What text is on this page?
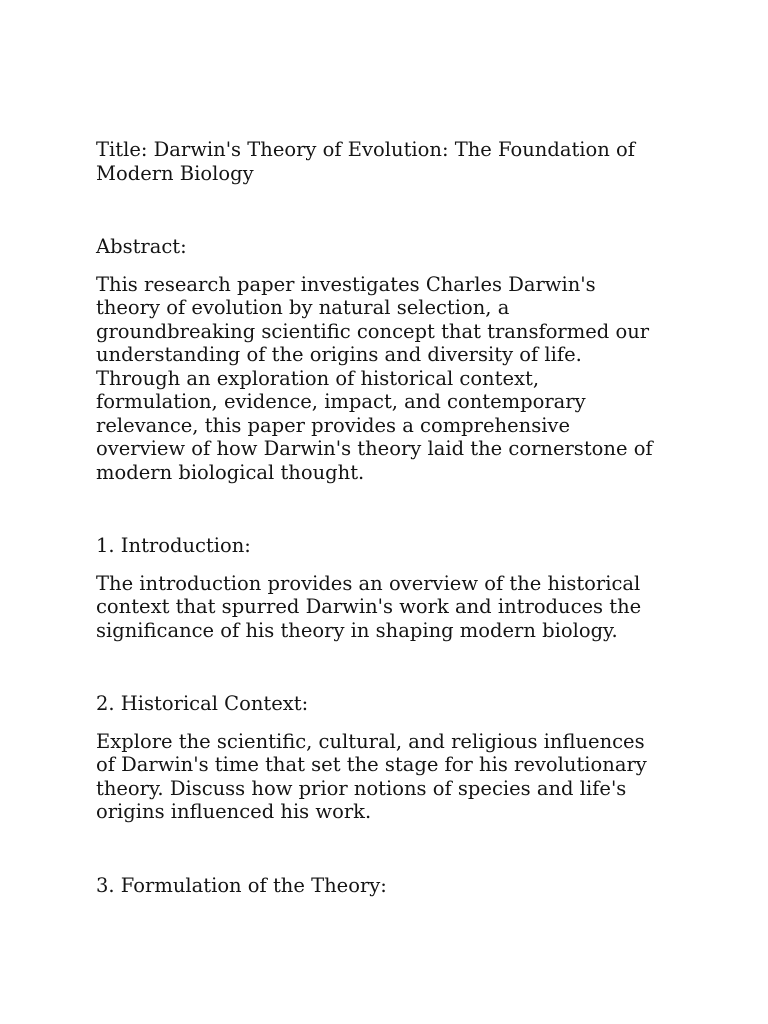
Title: Darwin's Theory of Evolution: The Foundation of Modern Biology
Abstract:

This research paper investigates Charles Darwin's theory of evolution by natural selection, a groundbreaking scientific concept that transformed our understanding of the origins and diversity of life. Through an exploration of historical context, formulation, evidence, impact, and contemporary relevance, this paper provides a comprehensive overview of how Darwin's theory laid the cornerstone of modern biological thought.

1. Introduction:

The introduction provides an overview of the historical context that spurred Darwin's work and introduces the significance of his theory in shaping modern biology.

2. Historical Context:

Explore the scientific, cultural, and religious influences of Darwin's time that set the stage for his revolutionary theory. Discuss how prior notions of species and life's origins influenced his work.

3. Formulation of the Theory:
